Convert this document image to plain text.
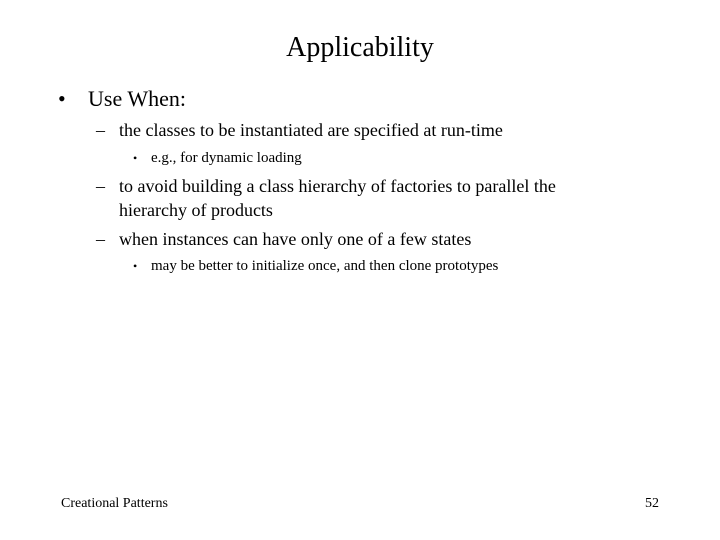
Applicability
• Use When:
– the classes to be instantiated are specified at run-time
• e.g., for dynamic loading
– to avoid building a class hierarchy of factories to parallel the
hierarchy of products
– when instances can have only one of a few states
• may be better to initialize once, and then clone prototypes
Creational Patterns	52
